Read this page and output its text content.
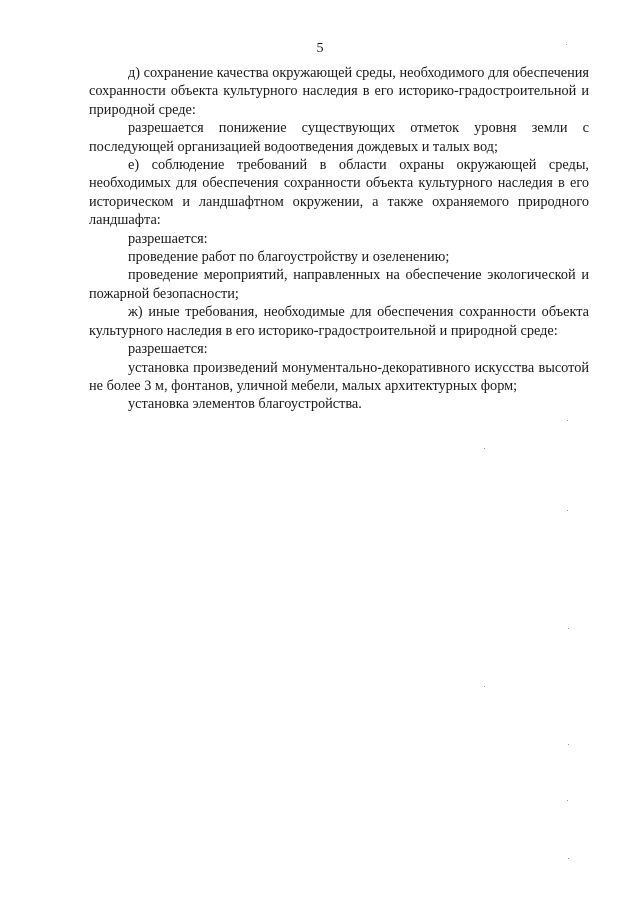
5

д) сохранение качества окружающей среды, необходимого для обеспечения сохранности объекта культурного наследия в его историко-градостроительной и природной среде:

разрешается понижение существующих отметок уровня земли с последующей организацией водоотведения дождевых и талых вод;

е) соблюдение требований в области охраны окружающей среды, необходимых для обеспечения сохранности объекта культурного наследия в его историческом и ландшафтном окружении, а также охраняемого природного ландшафта:

разрешается:

проведение работ по благоустройству и озеленению;

проведение мероприятий, направленных на обеспечение экологической и пожарной безопасности;

ж) иные требования, необходимые для обеспечения сохранности объекта культурного наследия в его историко-градостроительной и природной среде:

разрешается:

установка произведений монументально-декоративного искусства высотой не более 3 м, фонтанов, уличной мебели, малых архитектурных форм;

установка элементов благоустройства.
